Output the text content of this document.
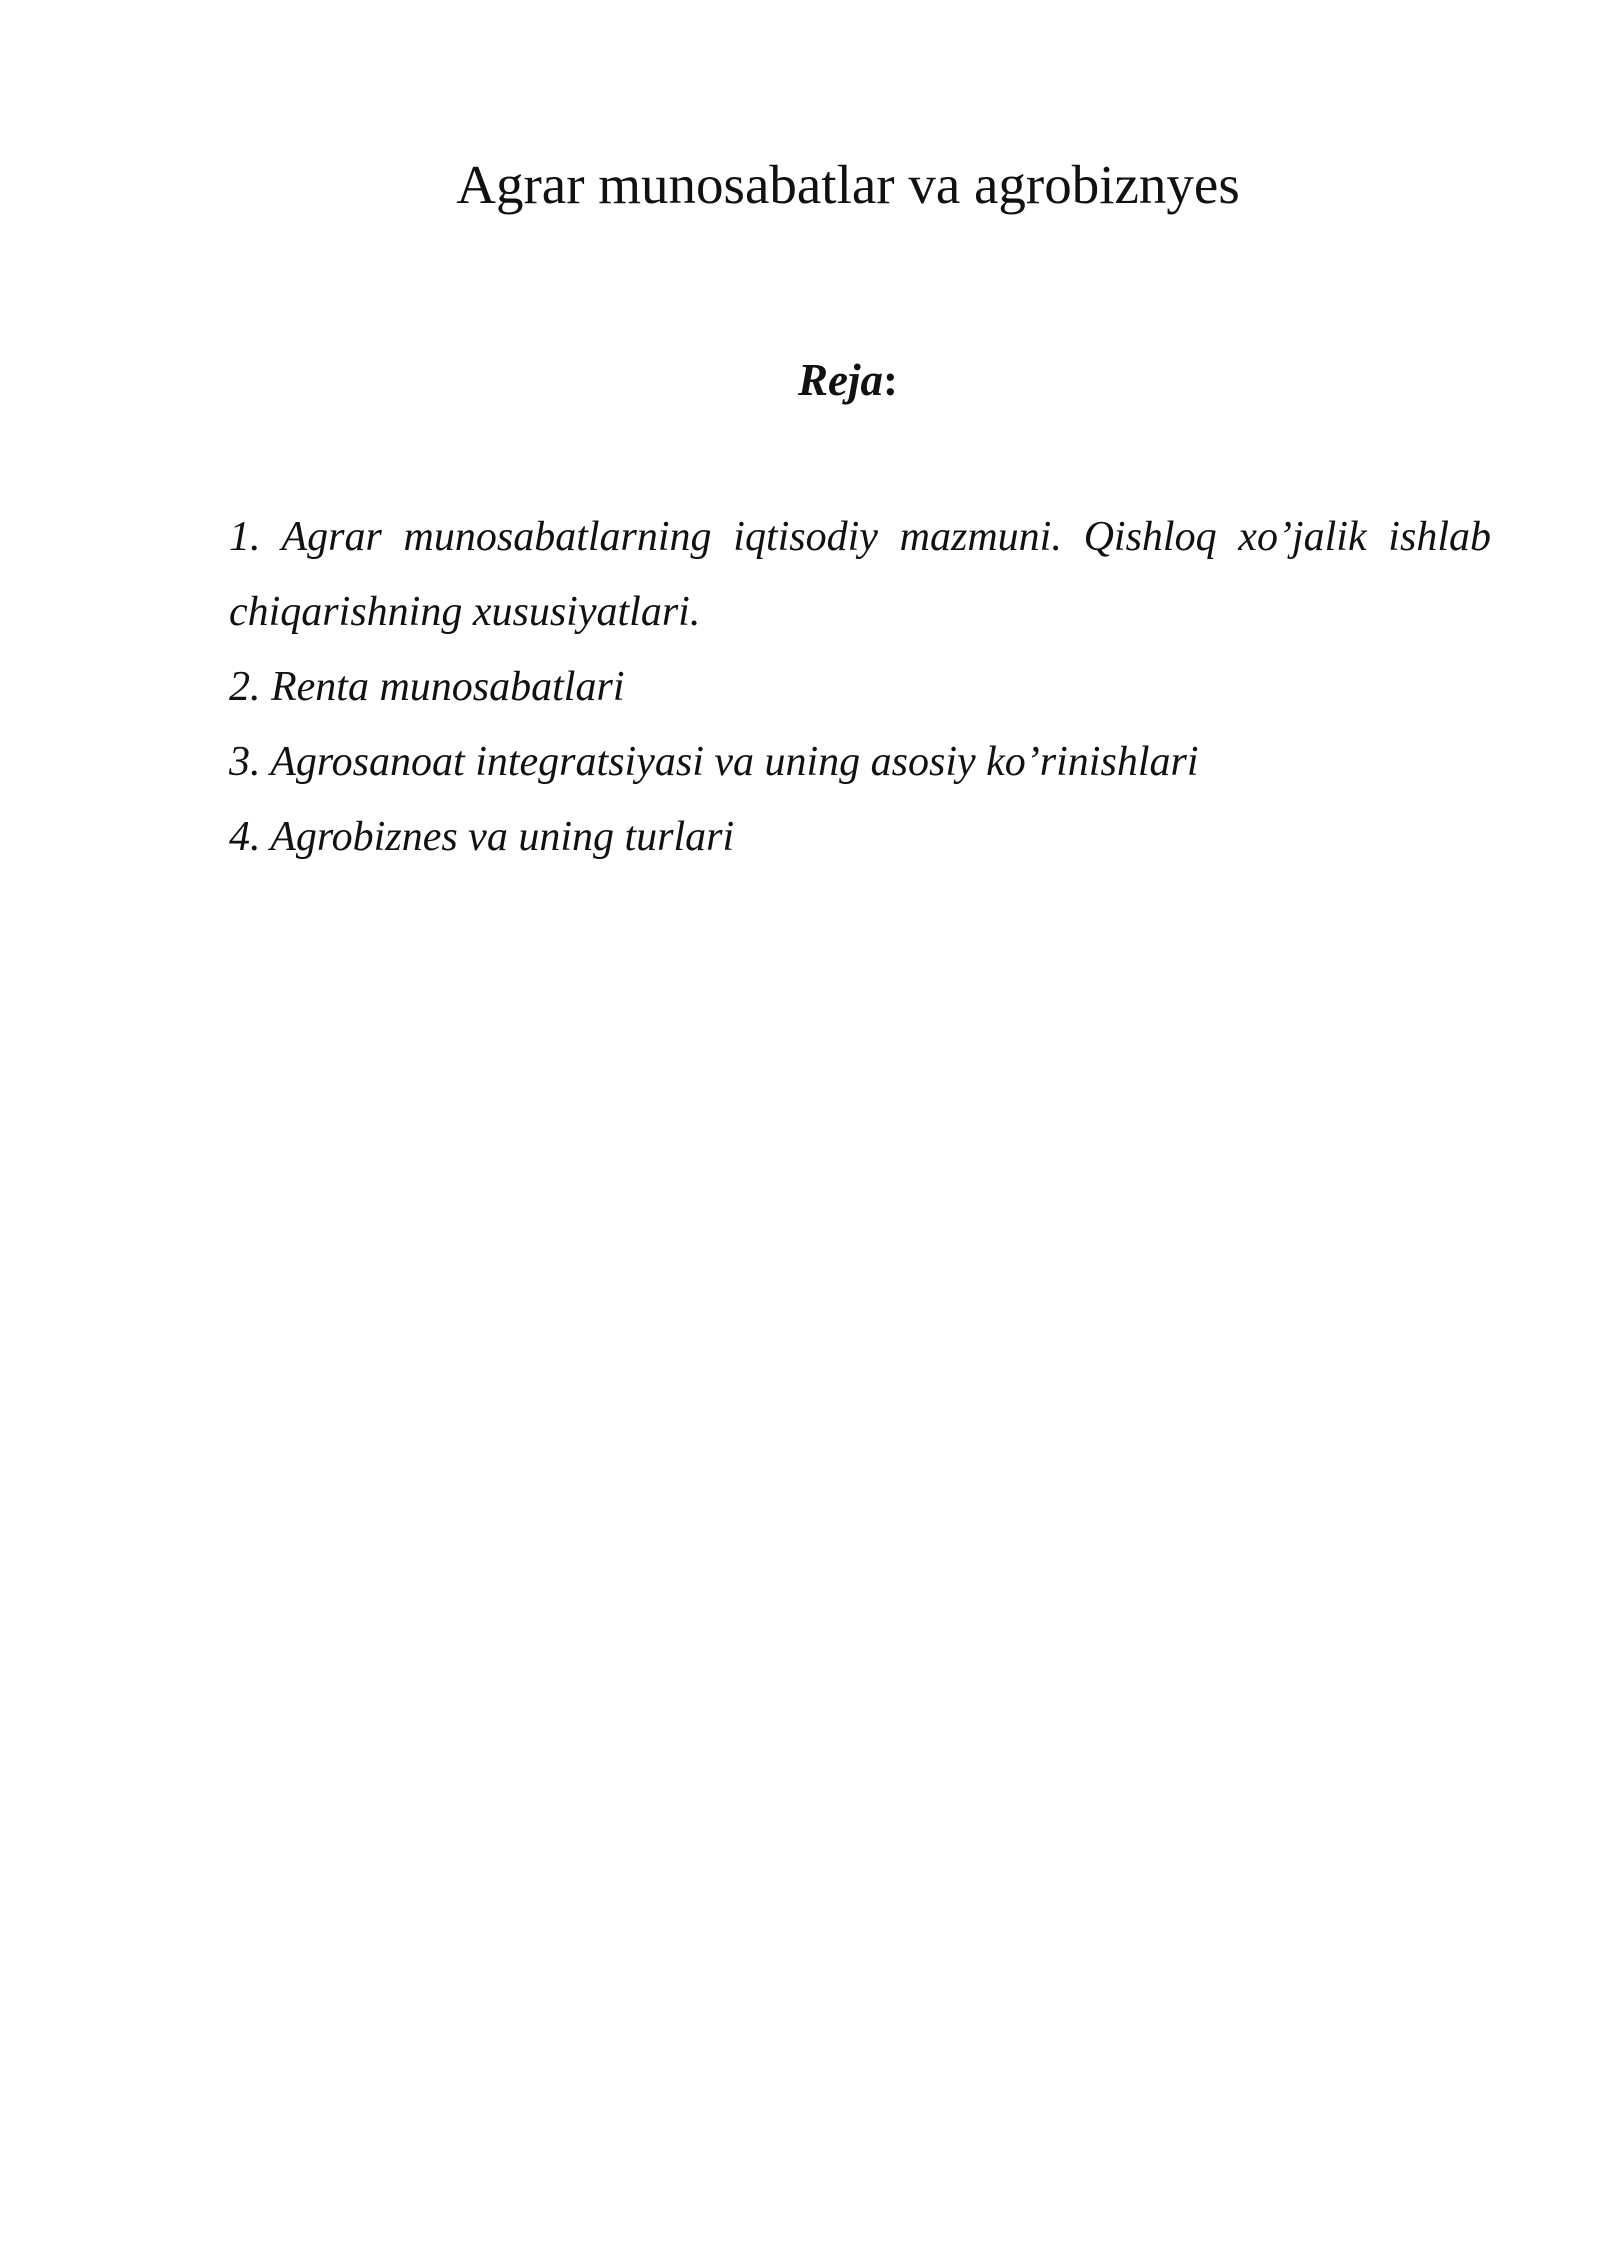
Agrar munosabatlar va agrobiznyes
Reja:
1. Agrar munosabatlarning iqtisodiy mazmuni. Qishloq xo’jalik ishlab chiqarishning xususiyatlari.
2. Renta munosabatlari
3. Agrosanoat integratsiyasi va uning asosiy ko’rinishlari
4. Agrobiznes va uning turlari
